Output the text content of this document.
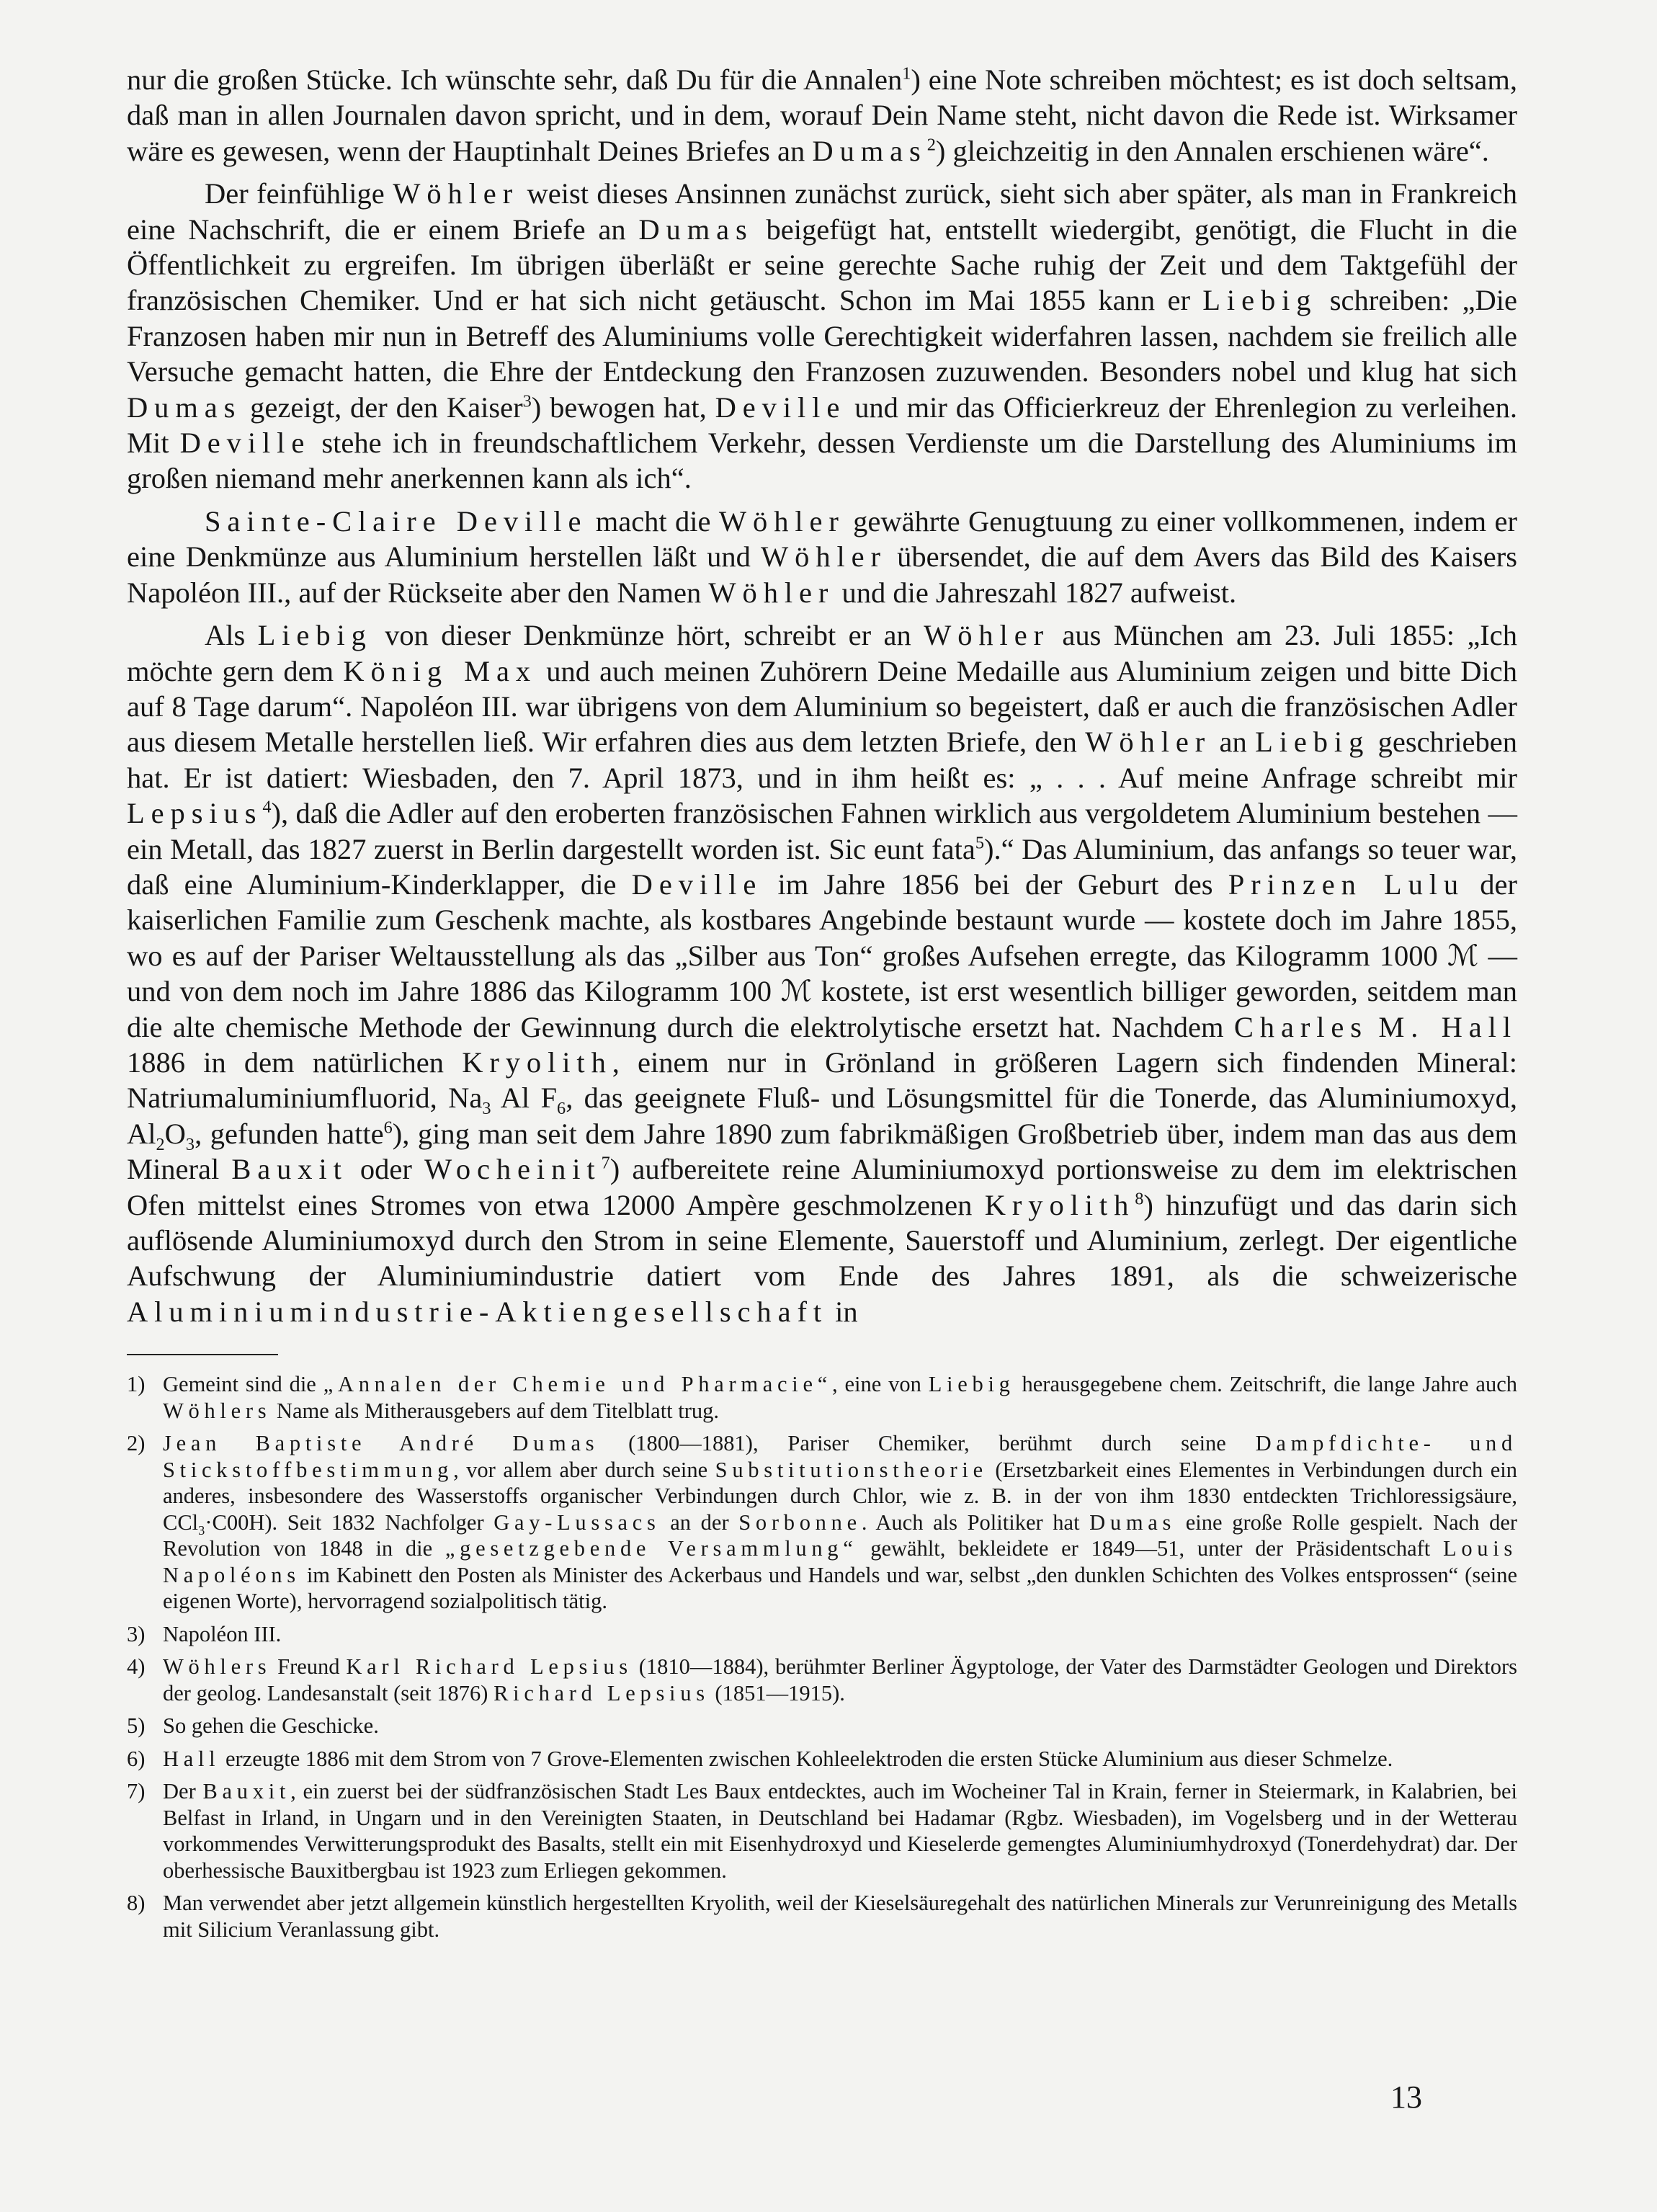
nur die großen Stücke. Ich wünschte sehr, daß Du für die Annalen$^1$) eine Note schreiben möchtest; es ist doch seltsam, daß man in allen Journalen davon spricht, und in dem, worauf Dein Name steht, nicht davon die Rede ist. Wirksamer wäre es gewesen, wenn der Hauptinhalt Deines Briefes an Dumas$^2$) gleichzeitig in den Annalen erschienen wäre“.

Der feinfühlige Wöhler weist dieses Ansinnen zunächst zurück, sieht sich aber später, als man in Frankreich eine Nachschrift, die er einem Briefe an Dumas beigefügt hat, entstellt wiedergibt, genötigt, die Flucht in die Öffentlichkeit zu ergreifen. Im übrigen überläßt er seine gerechte Sache ruhig der Zeit und dem Taktgefühl der französischen Chemiker. Und er hat sich nicht getäuscht. Schon im Mai 1855 kann er Liebig schreiben: „Die Franzosen haben mir nun in Betreff des Aluminiums volle Gerechtigkeit widerfahren lassen, nachdem sie freilich alle Versuche gemacht hatten, die Ehre der Entdeckung den Franzosen zuzuwenden. Besonders nobel und klug hat sich Dumas gezeigt, der den Kaiser$^3$) bewogen hat, Deville und mir das Officierkreuz der Ehrenlegion zu verleihen. Mit Deville stehe ich in freundschaftlichem Verkehr, dessen Verdienste um die Darstellung des Aluminiums im großen niemand mehr anerkennen kann als ich“.

Sainte-Claire Deville macht die Wöhler gewährte Genugtuung zu einer vollkommenen, indem er eine Denkmünze aus Aluminium herstellen läßt und Wöhler übersendet, die auf dem Avers das Bild des Kaisers Napoléon III., auf der Rückseite aber den Namen Wöhler und die Jahreszahl 1827 aufweist.

Als Liebig von dieser Denkmünze hört, schreibt er an Wöhler aus München am 23. Juli 1855: „Ich möchte gern dem König Max und auch meinen Zuhörern Deine Medaille aus Aluminium zeigen und bitte Dich auf 8 Tage darum“. Napoléon III. war übrigens von dem Aluminium so begeistert, daß er auch die französischen Adler aus diesem Metalle herstellen ließ. Wir erfahren dies aus dem letzten Briefe, den Wöhler an Liebig geschrieben hat. Er ist datiert: Wiesbaden, den 7. April 1873, und in ihm heißt es: „ . . . Auf meine Anfrage schreibt mir Lepsius$^4$), daß die Adler auf den eroberten französischen Fahnen wirklich aus vergoldetem Aluminium bestehen — ein Metall, das 1827 zuerst in Berlin dargestellt worden ist. Sic eunt fata$^5$).“ Das Aluminium, das anfangs so teuer war, daß eine Aluminium-Kinderklapper, die Deville im Jahre 1856 bei der Geburt des Prinzen Lulu der kaiserlichen Familie zum Geschenk machte, als kostbares Angebinde bestaunt wurde — kostete doch im Jahre 1855, wo es auf der Pariser Weltausstellung als das „Silber aus Ton“ großes Aufsehen erregte, das Kilogramm 1000 ℳ — und von dem noch im Jahre 1886 das Kilogramm 100 ℳ kostete, ist erst wesentlich billiger geworden, seitdem man die alte chemische Methode der Gewinnung durch die elektrolytische ersetzt hat. Nachdem Charles M. Hall 1886 in dem natürlichen Kryolith, einem nur in Grönland in größeren Lagern sich findenden Mineral: Natriumaluminiumfluorid, $Na_3$ Al $F_6$, das geeignete Fluß- und Lösungsmittel für die Tonerde, das Aluminiumoxyd, $Al_2O_3$, gefunden hatte$^6$), ging man seit dem Jahre 1890 zum fabrikmäßigen Großbetrieb über, indem man das aus dem Mineral Bauxit oder Wocheinit$^7$) aufbereitete reine Aluminiumoxyd portionsweise zu dem im elektrischen Ofen mittelst eines Stromes von etwa 12000 Ampère geschmolzenen Kryolith$^8$) hinzufügt und das darin sich auflösende Aluminiumoxyd durch den Strom in seine Elemente, Sauerstoff und Aluminium, zerlegt. Der eigentliche Aufschwung der Aluminiumindustrie datiert vom Ende des Jahres 1891, als die schweizerische Aluminiumindustrie-Aktiengesellschaft in

1) Gemeint sind die „Annalen der Chemie und Pharmacie“, eine von Liebig herausgegebene chem. Zeitschrift, die lange Jahre auch Wöhlers Name als Mitherausgebers auf dem Titelblatt trug.
2) Jean Baptiste André Dumas (1800—1881), Pariser Chemiker, berühmt durch seine Dampfdichte- und Stickstoffbestimmung, vor allem aber durch seine Substitutionstheorie (Ersetzbarkeit eines Elementes in Verbindungen durch ein anderes, insbesondere des Wasserstoffs organischer Verbindungen durch Chlor, wie z. B. in der von ihm 1830 entdeckten Trichloressigsäure, CCl$_3$·C00H). Seit 1832 Nachfolger Gay-Lussacs an der Sorbonne. Auch als Politiker hat Dumas eine große Rolle gespielt. Nach der Revolution von 1848 in die „gesetzgebende Versammlung“ gewählt, bekleidete er 1849—51, unter der Präsidentschaft Louis Napoléons im Kabinett den Posten als Minister des Ackerbaus und Handels und war, selbst „den dunklen Schichten des Volkes entsprossen“ (seine eigenen Worte), hervorragend sozialpolitisch tätig.
3) Napoléon III.
4) Wöhlers Freund Karl Richard Lepsius (1810—1884), berühmter Berliner Ägyptologe, der Vater des Darmstädter Geologen und Direktors der geolog. Landesanstalt (seit 1876) Richard Lepsius (1851—1915).
5) So gehen die Geschicke.
6) Hall erzeugte 1886 mit dem Strom von 7 Grove-Elementen zwischen Kohleelektroden die ersten Stücke Aluminium aus dieser Schmelze.
7) Der Bauxit, ein zuerst bei der südfranzösischen Stadt Les Baux entdecktes, auch im Wocheiner Tal in Krain, ferner in Steiermark, in Kalabrien, bei Belfast in Irland, in Ungarn und in den Vereinigten Staaten, in Deutschland bei Hadamar (Rgbz. Wiesbaden), im Vogelsberg und in der Wetterau vorkommendes Verwitterungsprodukt des Basalts, stellt ein mit Eisenhydroxyd und Kieselerde gemengtes Aluminiumhydroxyd (Tonerdehydrat) dar. Der oberhessische Bauxitbergbau ist 1923 zum Erliegen gekommen.
8) Man verwendet aber jetzt allgemein künstlich hergestellten Kryolith, weil der Kieselsäuregehalt des natürlichen Minerals zur Verunreinigung des Metalls mit Silicium Veranlassung gibt.
13
